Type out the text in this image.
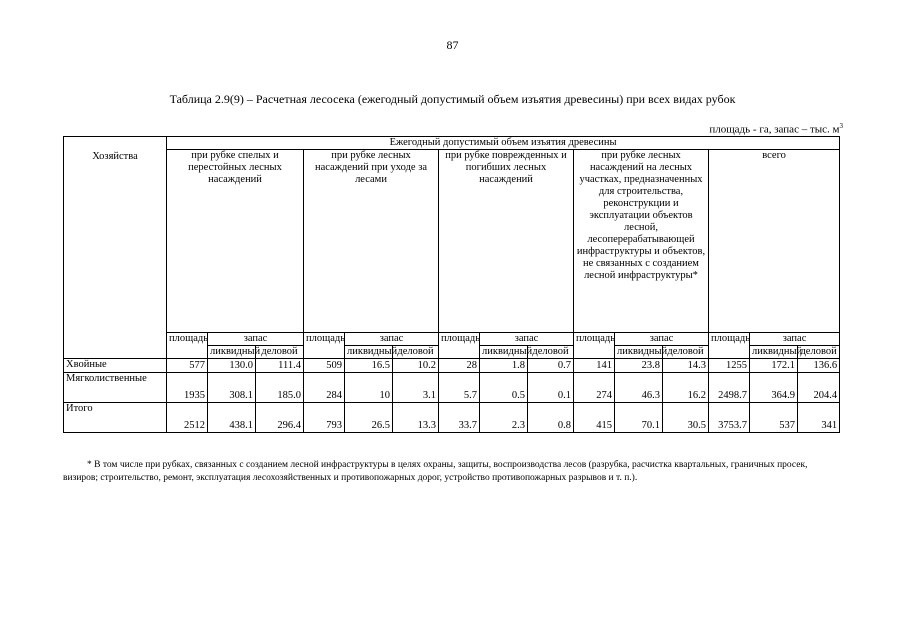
87
Таблица 2.9(9) – Расчетная лесосека (ежегодный допустимый объем изъятия древесины) при всех видах рубок
площадь - га, запас – тыс. $м^3$
Хозяйства	Ежегодный допустимый объем изъятия древесины														
	при рубке спелых и перестойных лесных насаждений			при рубке лесных насаждений при уходе за лесами			при рубке поврежденных и погибших лесных насаждений			при рубке лесных насаждений на лесных участках, предназначенных для строительства, реконструкции и эксплуатации объектов лесной, лесоперерабатывающей инфраструктуры и объектов, не связанных с созданием лесной инфраструктуры*			всего		
	площадь	запас		площадь	запас		площадь	запас		площадь	запас		площадь	запас	
		ликвидный	деловой		ликвидный	деловой		ликвидный	деловой		ликвидный	деловой		ликвидный	деловой
Хвойные	577	130.0	111.4	509	16.5	10.2	28	1.8	0.7	141	23.8	14.3	1255	172.1	136.6
Мягколиственные	1935	308.1	185.0	284	10	3.1	5.7	0.5	0.1	274	46.3	16.2	2498.7	364.9	204.4
Итого	2512	438.1	296.4	793	26.5	13.3	33.7	2.3	0.8	415	70.1	30.5	3753.7	537	341
* В том числе при рубках, связанных с созданием лесной инфраструктуры в целях охраны, защиты, воспроизводства лесов (разрубка, расчистка квартальных, граничных просек, визиров; строительство, ремонт, эксплуатация лесохозяйственных и противопожарных дорог, устройство противопожарных разрывов и т. п.).
